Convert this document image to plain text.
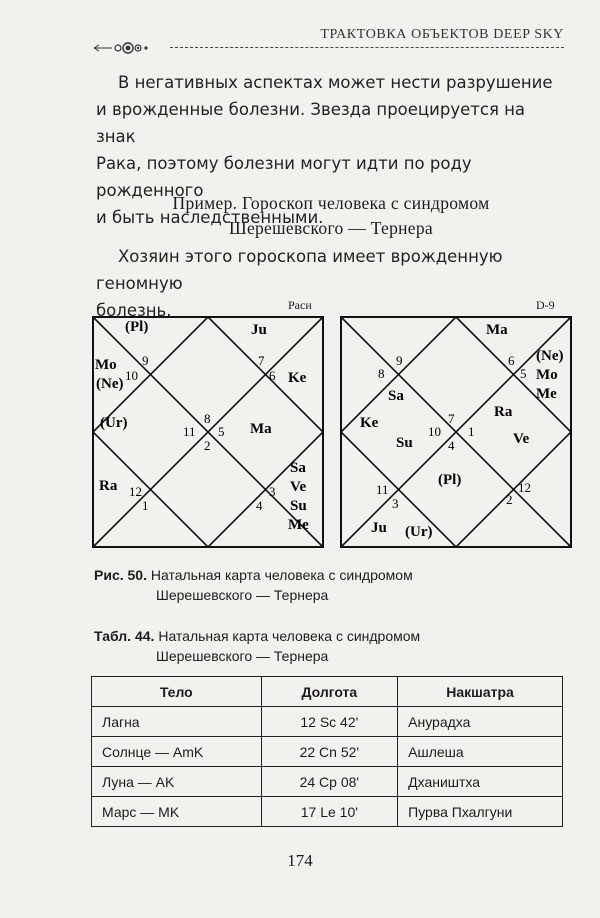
ТРАКТОВКА ОБЪЕКТОВ DEEP SKY

В негативных аспектах может нести разрушение

и врожденные болезни. Звезда проецируется на знак

Рака, поэтому болезни могут идти по роду рожденного

и быть наследственными.

Пример. Гороскоп человека с синдромом
Шерешевского — Тернера

Хозяин этого гороскопа имеет врожденную геномную

болезнь.	Раси	D-9
9
10
7
6
8
11
2
5
12
1	4
3
(Pl)	Ju
Mo
(Ne)	Ke
(Ur)	Ma
Ra
Sa
Ve
Su
Me
9
8
6
5
7
10
4
1
11
2
3
12
Ma
(Ne)
Mo
Me
Sa
Ra
Ke
Su	Ve
(Pl)
Ju (Ur)
Рис. 50. Натальная карта человека с синдромом
Шерешевского — Тернера
Табл. 44. Натальная карта человека с синдромом
Шерешевского — Тернера
Тело	Долгота	Накшатра
Лагна	12 Sc 42'	Анурадха
Солнце — AmK	22 Cn 52'	Ашлеша
Луна — AK	24 Cp 08'	Дхаништха
Марс — MK	17 Le 10'	Пурва Пхалгуни
174
